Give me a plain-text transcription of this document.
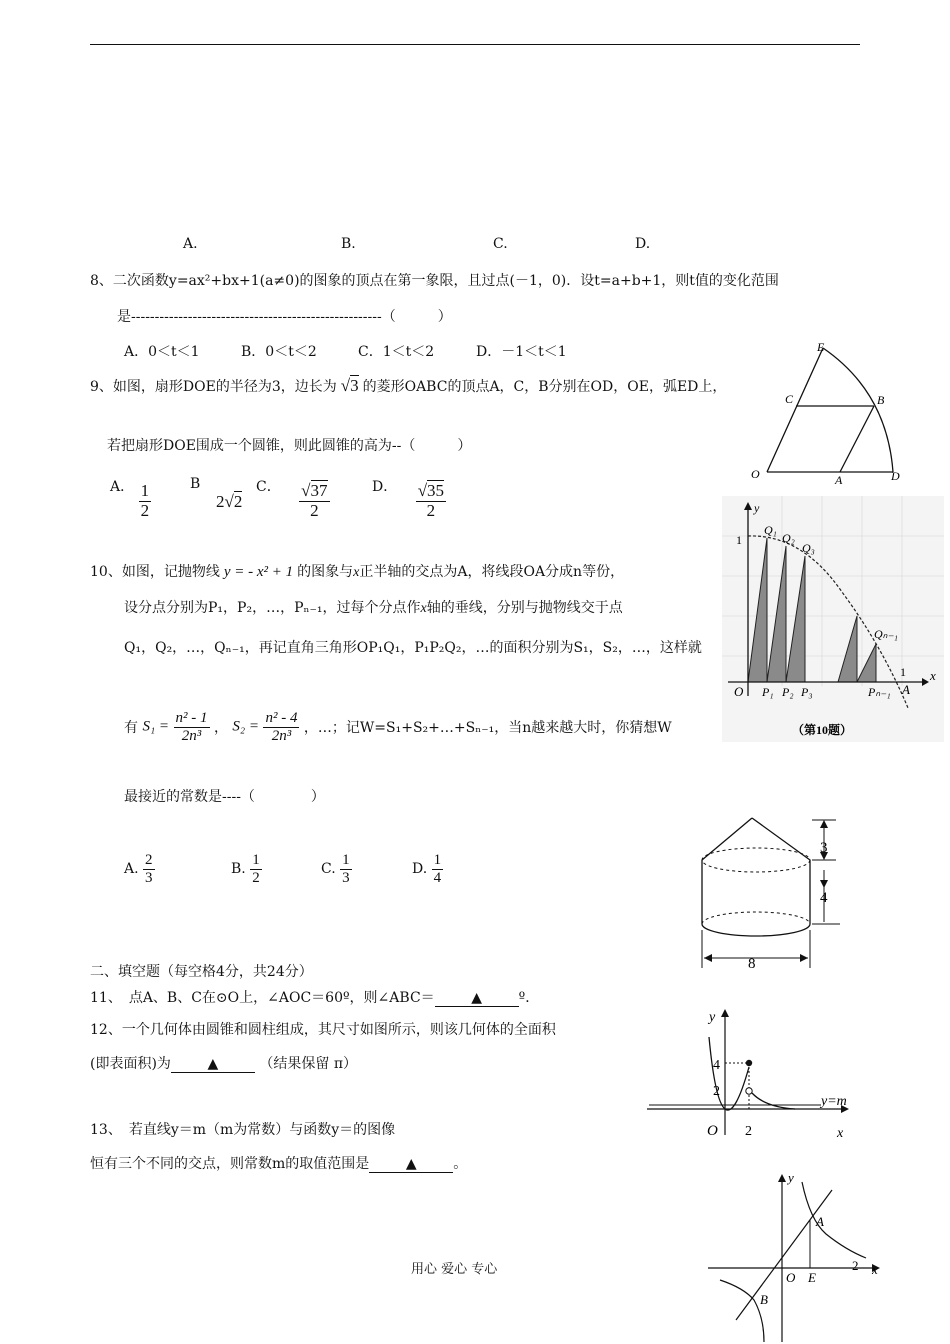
A.	B.	C.	D.
8、二次函数y=ax²+bx+1(a≠0)的图象的顶点在第一象限，且过点(－1，0)．设t=a+b+1，则t值的变化范围
是-----------------------------------------------------（　　　）
A．0＜t＜1	B．0＜t＜2	C．1＜t＜2	D．－1＜t＜1
9、如图，扇形DOE的半径为3，边长为 √3 的菱形OABC的顶点A，C，B分别在OD，OE，弧ED上，
若把扇形DOE围成一个圆锥，则此圆锥的高为--（　　　）
A． $\frac{1}{2}$	B
2√2
C． $\frac{√37}{2}$	D． $\frac{√35}{2}$
E
C	B
O	A	D
10、如图，记抛物线 y = - x² + 1 的图象与x正半轴的交点为A，将线段OA分成n等份，
设分点分别为P₁，P₂，…，Pₙ₋₁，过每个分点作x轴的垂线，分别与抛物线交于点
Q₁，Q₂，…，Qₙ₋₁，再记直角三角形OP₁Q₁，P₁P₂Q₂，…的面积分别为S₁，S₂，…，这样就
有 $S_1 = \frac{\text{n² - 1}}{\text{2n³}}$ ， $S_2 = \frac{\text{n² - 4}}{\text{2n³}}$ ，…；记W=S₁+S₂+…+Sₙ₋₁，当n越来越大时，你猜想W
最接近的常数是----（　　　　）
A. $\frac{2}{3}$	B. $\frac{1}{2}$	C. $\frac{1}{3}$	D. $\frac{1}{4}$
y
x
O
1
1
A
Q₁
Q₂
Q₃
Qₙ₋₁
P₁ P₂ P₃	Pₙ₋₁
（第10题）
3
4
8
二、填空题（每空格4分，共24分）
11、　点A、B、C在⊙O上，∠AOC＝60º，则∠ABC＝	▲	º．
12、一个几何体由圆锥和圆柱组成，其尺寸如图所示，则该几何体的全面积
(即表面积)为	▲	（结果保留 π）
y
x
O
4
2
2
y=m
13、　若直线y＝m（m为常数）与函数y＝的图像
恒有三个不同的交点，则常数m的取值范围是	▲	。
y
x
O
A
B
E
2
用心 爱心 专心
